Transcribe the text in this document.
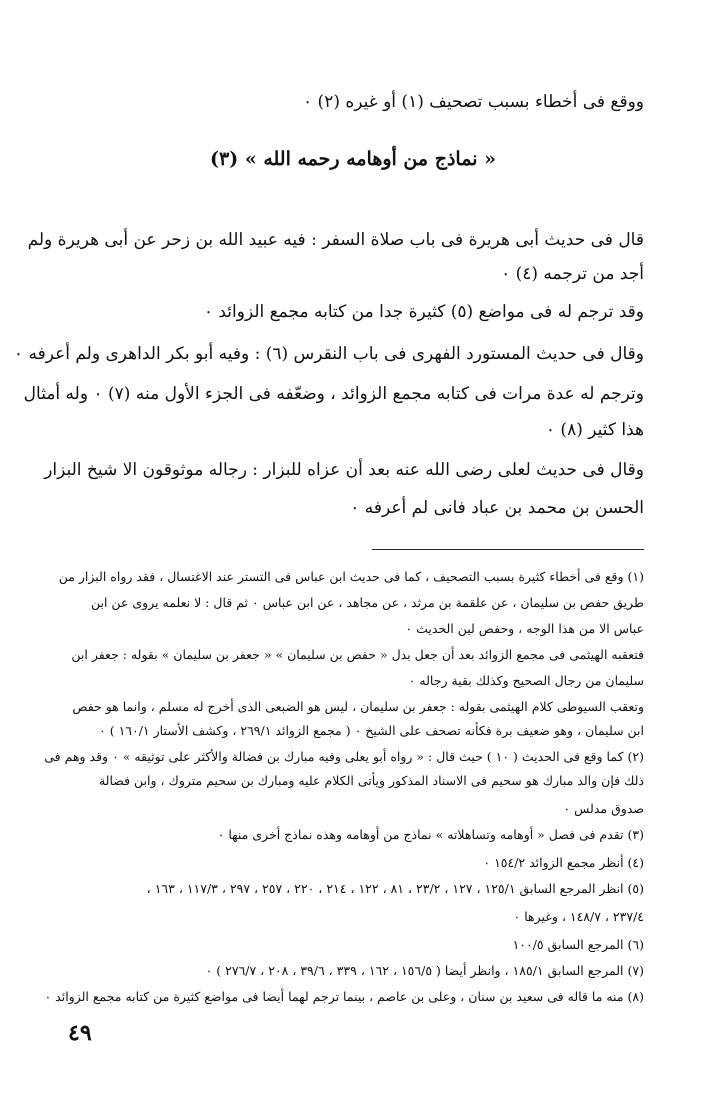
ووقع فى أخطاء بسبب تصحيف (١) أو غيره (٢) ٠
« نماذج من أوهامه رحمه الله » (٣)
قال فى حديث أبى هريرة فى باب صلاة السفر : فيه عبيد الله بن زحر عن أبى هريرة ولم
أجد من ترجمه (٤) ٠
وقد ترجم له فى مواضع (٥) كثيرة جدا من كتابه مجمع الزوائد ٠
وقال فى حديث المستورد الفهرى فى باب النقرس (٦) : وفيه أبو بكر الداهرى ولم أعرفه ٠
وترجم له عدة مرات فى كتابه مجمع الزوائد ، وضعّفه فى الجزء الأول منه (٧) ٠ وله أمثال
هذا كثير (٨) ٠
وقال فى حديث لعلى رضى الله عنه بعد أن عزاه للبزار : رجاله موثوقون الا شيخ البزار
الحسن بن محمد بن عباد فانى لم أعرفه ٠
(١) وقع فى أخطاء كثيرة بسبب التصحيف ، كما فى حديث ابن عباس فى التستر عند الاغتسال ، فقد رواه البزار من
طريق حفص بن سليمان ، عن علقمة بن مرثد ، عن مجاهد ، عن ابن عباس ٠ ثم قال : لا نعلمه يروى عن ابن
عباس الا من هذا الوجه ، وحفص لين الحديث ٠
فتعقبه الهيثمى فى مجمع الزوائد بعد أن جعل بدل « حفص بن سليمان » « جعفر بن سليمان » بقوله : جعفر ابن
سليمان من رجال الصحيح وكذلك بقية رجاله ٠
وتعقب السيوطى كلام الهيثمى بقوله : جعفر بن سليمان ، ليس هو الضبعى الذى أخرج له مسلم ، وانما هو حفص
ابن سليمان ، وهو ضعيف برة فكأنه تصحف على الشيخ ٠ ( مجمع الزوائد ٢٦٩/١ ، وكشف الأستار ١٦٠/١ ) ٠
(٢) كما وقع فى الحديث ( ١٠ ) حيث قال : « رواه أبو يعلى وفيه مبارك بن فضالة والأكثر على توثيقه » ٠ وقد وهم فى
ذلك فإن والد مبارك هو سحيم فى الاسناد المذكور ويأتى الكلام عليه ومبارك بن سحيم متروك ، وابن فضالة
صدوق مدلس ٠
(٣) تقدم فى فصل « أوهامه وتساهلاته » نماذج من أوهامه وهذه نماذج أخرى منها ٠
(٤) أنظر مجمع الزوائد ١٥٤/٢ ٠
(٥) انظر المرجع السابق ١٢٥/١ ، ١٢٧ ، ٢٣/٢ ، ٨١ ، ١٢٢ ، ٢١٤ ، ٢٢٠ ، ٢٥٧ ، ٢٩٧ ، ١١٧/٣ ، ١٦٣ ،
٢٣٧/٤ ، ١٤٨/٧ ، وغيرها ٠
(٦) المرجع السابق ١٠٠/٥
(٧) المرجع السابق ١٨٥/١ ، وانظر أيضا ( ١٥٦/٥ ، ١٦٢ ، ٣٣٩ ، ٣٩/٦ ، ٢٠٨ ، ٢٧٦/٧ ) ٠
(٨) منه ما قاله فى سعيد بن سنان ، وعلى بن عاصم ، بينما ترجم لهما أيضا فى مواضع كثيرة من كتابه مجمع الزوائد ٠
٤٩
